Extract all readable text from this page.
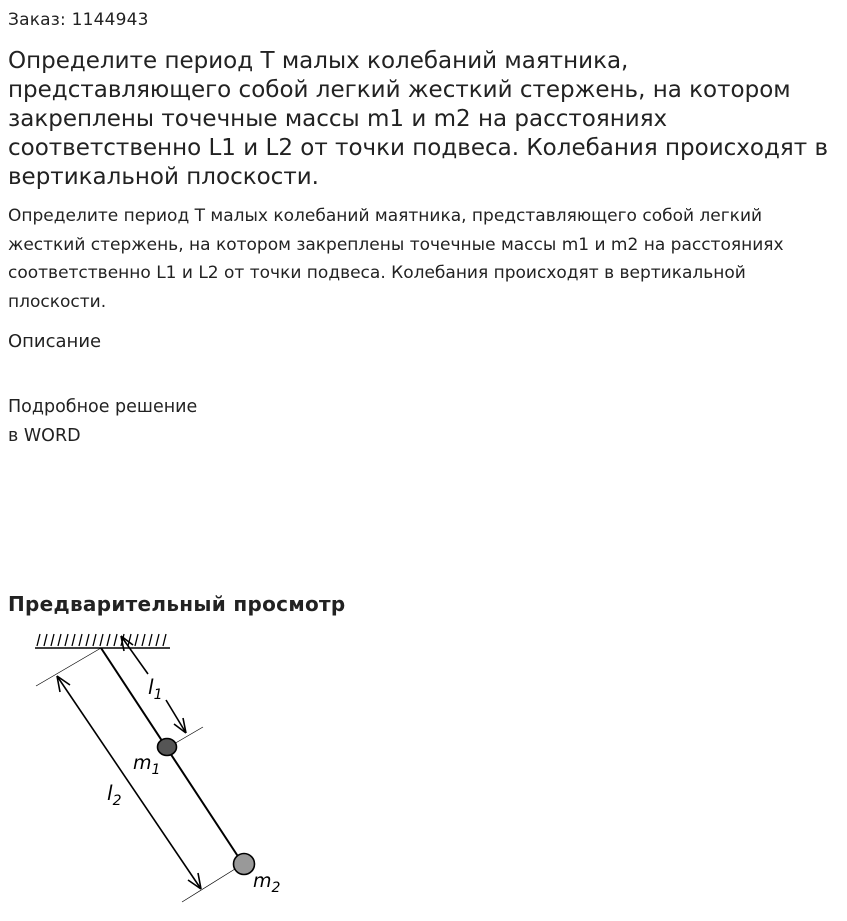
Заказ: 1144943
Определите период Т малых колебаний маятника, представляющего собой легкий жесткий стержень, на котором закреплены точечные массы m1 и m2 на расстояниях соответственно L1 и L2 от точки подвеса. Колебания происходят в вертикальной плоскости.

Определите период Т малых колебаний маятника, представляющего собой легкий жесткий стержень, на котором закреплены точечные массы m1 и m2 на расстояниях соответственно L1 и L2 от точки подвеса. Колебания происходят в вертикальной плоскости.

Описание
Подробное решение
в WORD
Предварительный просмотр
$l_1$
$m_1$
$l_2$
$m_2$
